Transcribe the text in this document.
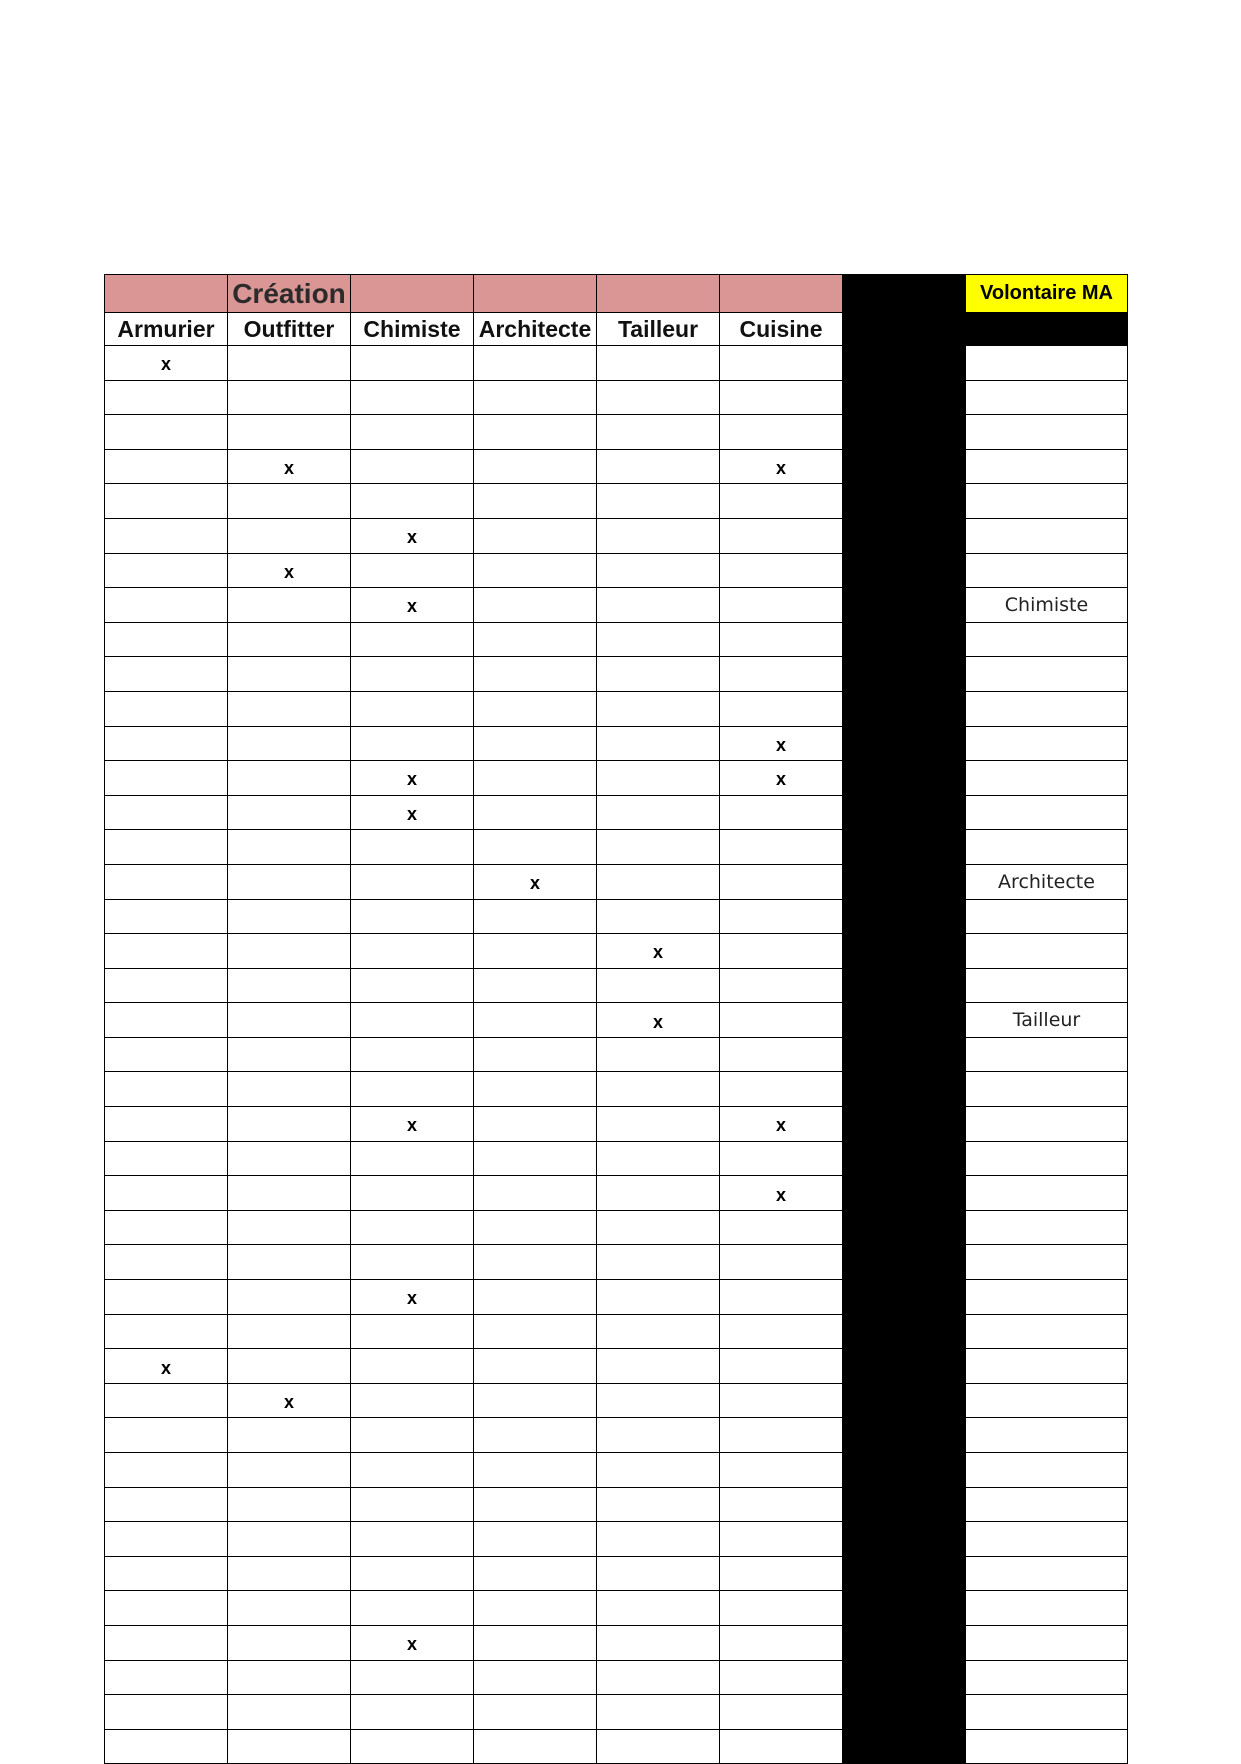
	Création						Volontaire MA
Armurier	Outfitter	Chimiste	Architecte	Tailleur	Cuisine		
x							

	x				x		

		x					
	x						
		x					Chimiste

					x		
		x			x		
		x					

			x				Architecte

				x			

				x			Tailleur

		x			x		

					x		

		x					

x							
	x						

		x					
